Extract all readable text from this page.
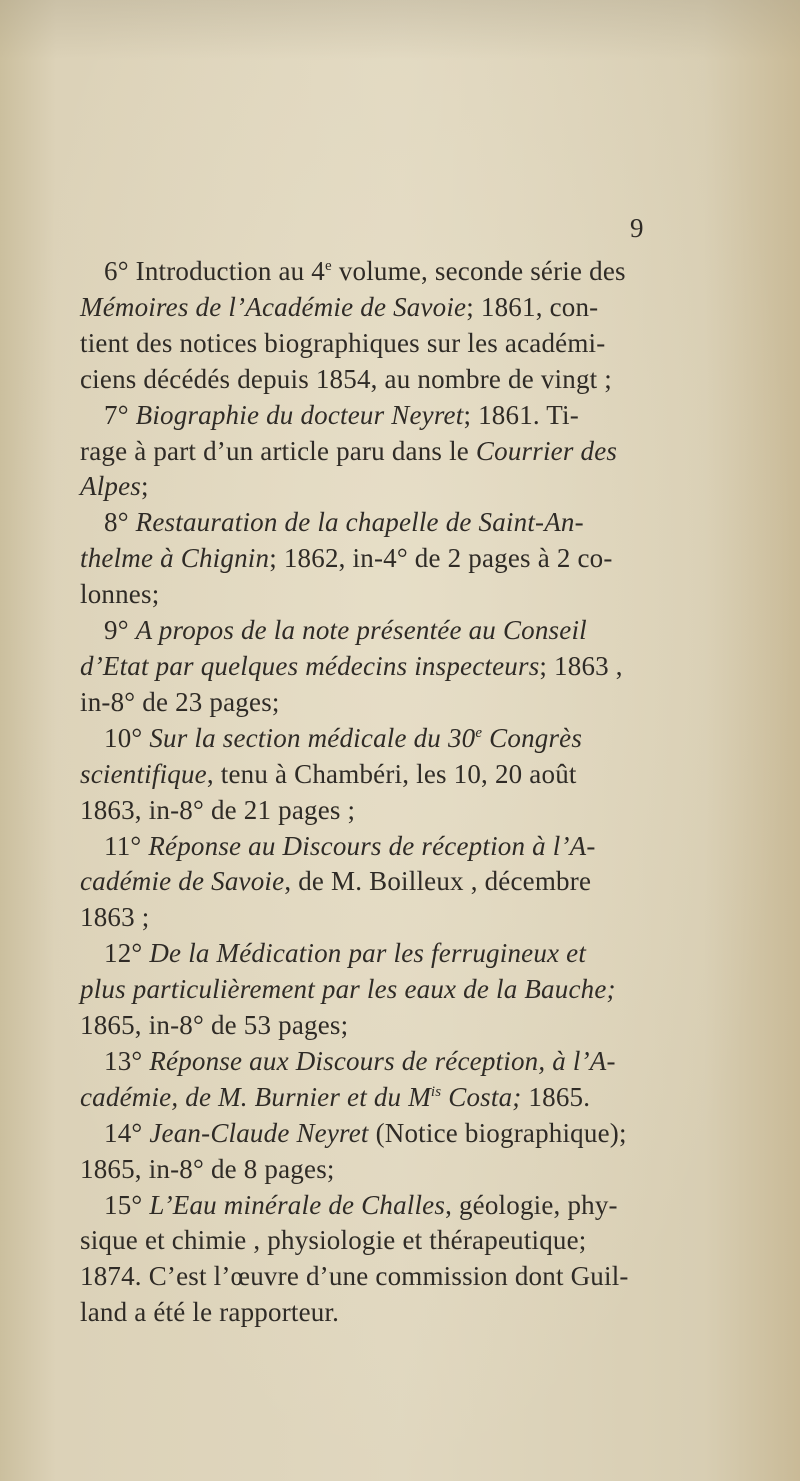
9

6° Introduction au 4e volume, seconde série des
Mémoires de l’Académie de Savoie; 1861, con-
tient des notices biographiques sur les académi-
ciens décédés depuis 1854, au nombre de vingt ;

7° Biographie du docteur Neyret; 1861. Ti-
rage à part d’un article paru dans le Courrier des
Alpes;

8° Restauration de la chapelle de Saint-An-
thelme à Chignin; 1862, in-4° de 2 pages à 2 co-
lonnes;

9° A propos de la note présentée au Conseil
d’Etat par quelques médecins inspecteurs; 1863 ,
in-8° de 23 pages;

10° Sur la section médicale du 30e Congrès
scientifique, tenu à Chambéri, les 10, 20 août
1863, in-8° de 21 pages ;

11° Réponse au Discours de réception à l’A-
cadémie de Savoie, de M. Boilleux , décembre
1863 ;

12° De la Médication par les ferrugineux et
plus particulièrement par les eaux de la Bauche;
1865, in-8° de 53 pages;

13° Réponse aux Discours de réception, à l’A-
cadémie, de M. Burnier et du $M^{is}$ Costa; 1865.

14° Jean-Claude Neyret (Notice biographique);
1865, in-8° de 8 pages;

15° L’Eau minérale de Challes, géologie, phy-
sique et chimie , physiologie et thérapeutique;
1874. C’est l’œuvre d’une commission dont Guil-
land a été le rapporteur.
